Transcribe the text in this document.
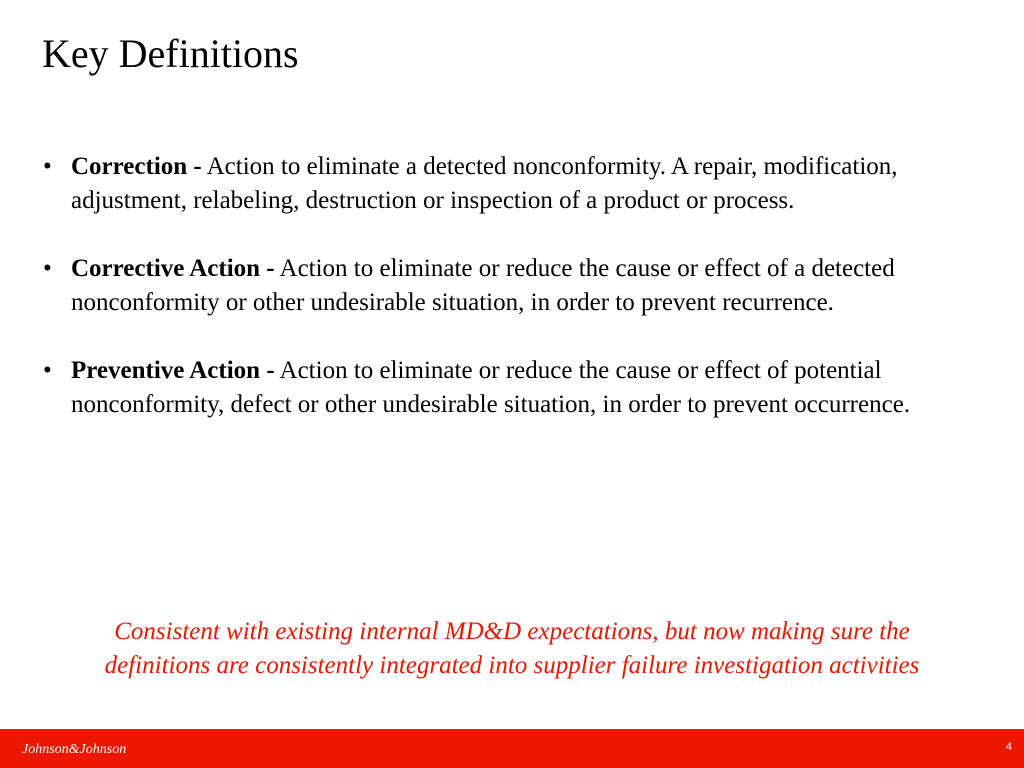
Key Definitions
• Correction - Action to eliminate a detected nonconformity. A repair, modification, adjustment, relabeling, destruction or inspection of a product or process.
• Corrective Action - Action to eliminate or reduce the cause or effect of a detected nonconformity or other undesirable situation, in order to prevent recurrence.
• Preventive Action - Action to eliminate or reduce the cause or effect of potential nonconformity, defect or other undesirable situation, in order to prevent occurrence.
Consistent with existing internal MD&D expectations, but now making sure the definitions are consistently integrated into supplier failure investigation activities
Johnson&Johnson	4
